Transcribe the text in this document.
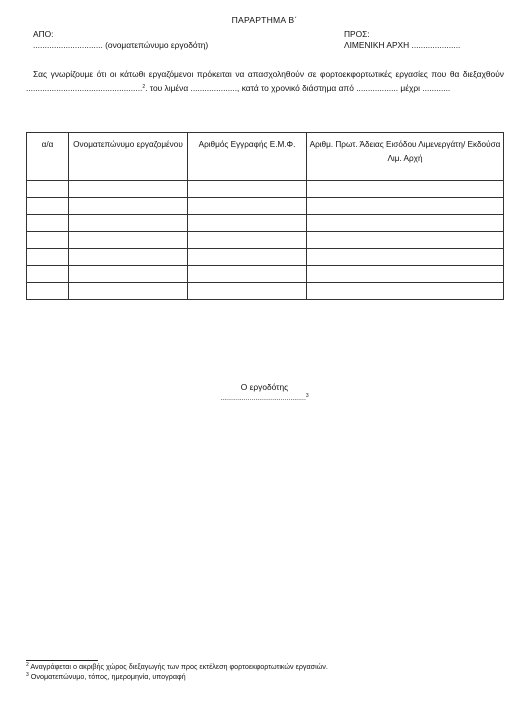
ΠΑΡΑΡΤΗΜΑ Β΄
ΑΠΟ:
.............................. (ονοματεπώνυμο εργοδότη)
ΠΡΟΣ:
ΛΙΜΕΝΙΚΗ ΑΡΧΗ .....................
Σας γνωρίζουμε ότι οι κάτωθι εργαζόμενοι πρόκειται να απασχοληθούν σε φορτοεκφορτωτικές εργασίες που θα διεξαχθούν ..................................................$^2$. του λιμένα ...................., κατά το χρονικό διάστημα από .................. μέχρι ............
α/α	Ονοματεπώνυμο εργαζομένου	Αριθμός Εγγραφής Ε.Μ.Φ.	Αριθμ. Πρωτ. Άδειας Εισόδου Λιμενεργάτη/ Εκδούσα Λιμ. Αρχή

Ο εργοδότης
............................................$^3$
$^2$ Αναγράφεται ο ακριβής χώρος διεξαγωγής των προς εκτέλεση φορτοεκφορτωτικών εργασιών.
$^3$ Ονοματεπώνυμο, τόπος, ημερομηνία, υπογραφή
